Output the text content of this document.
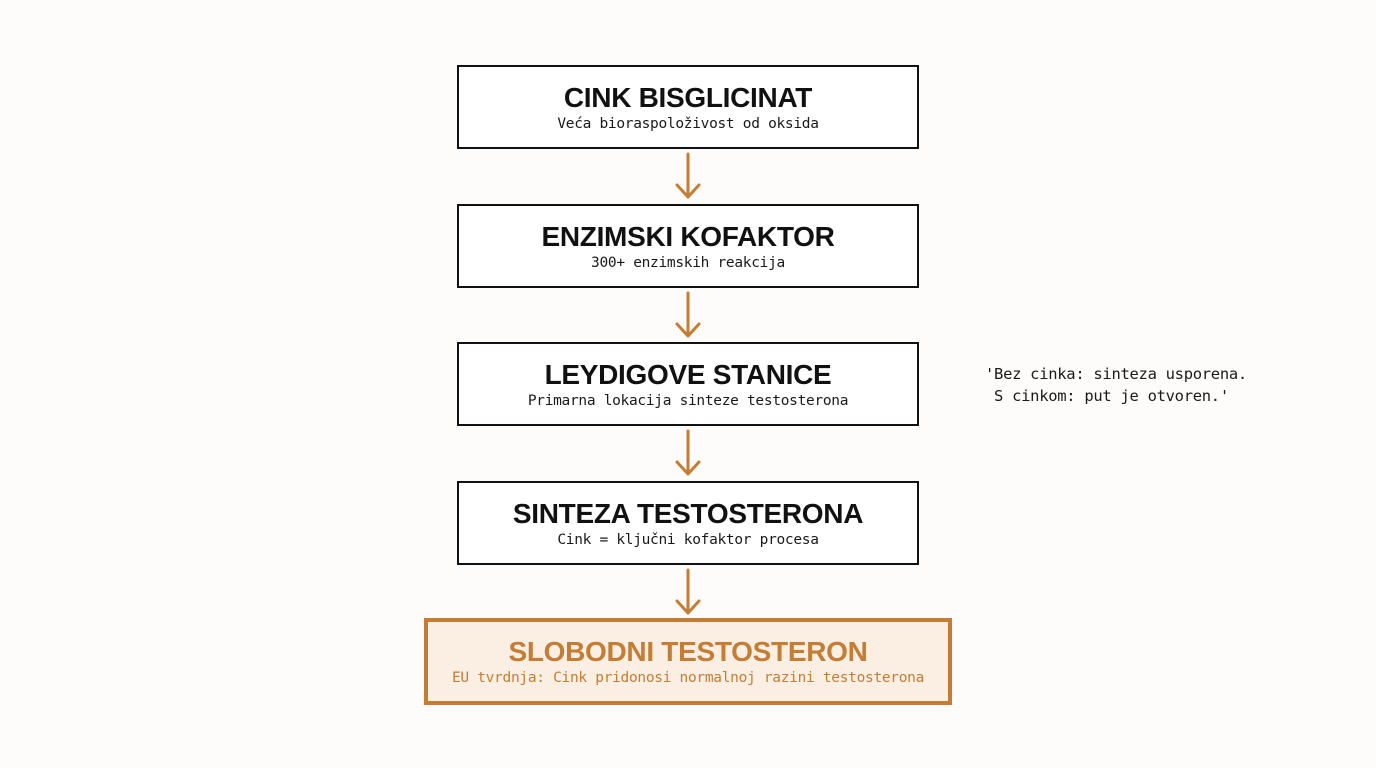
CINK BISGLICINAT
Veća bioraspoloživost od oksida
ENZIMSKI KOFAKTOR
300+ enzimskih reakcija
LEYDIGOVE STANICE
Primarna lokacija sinteze testosterona
SINTEZA TESTOSTERONA
Cink = ključni kofaktor procesa
SLOBODNI TESTOSTERON
EU tvrdnja: Cink pridonosi normalnoj razini testosterona
'Bez cinka: sinteza usporena.
S cinkom: put je otvoren.'
